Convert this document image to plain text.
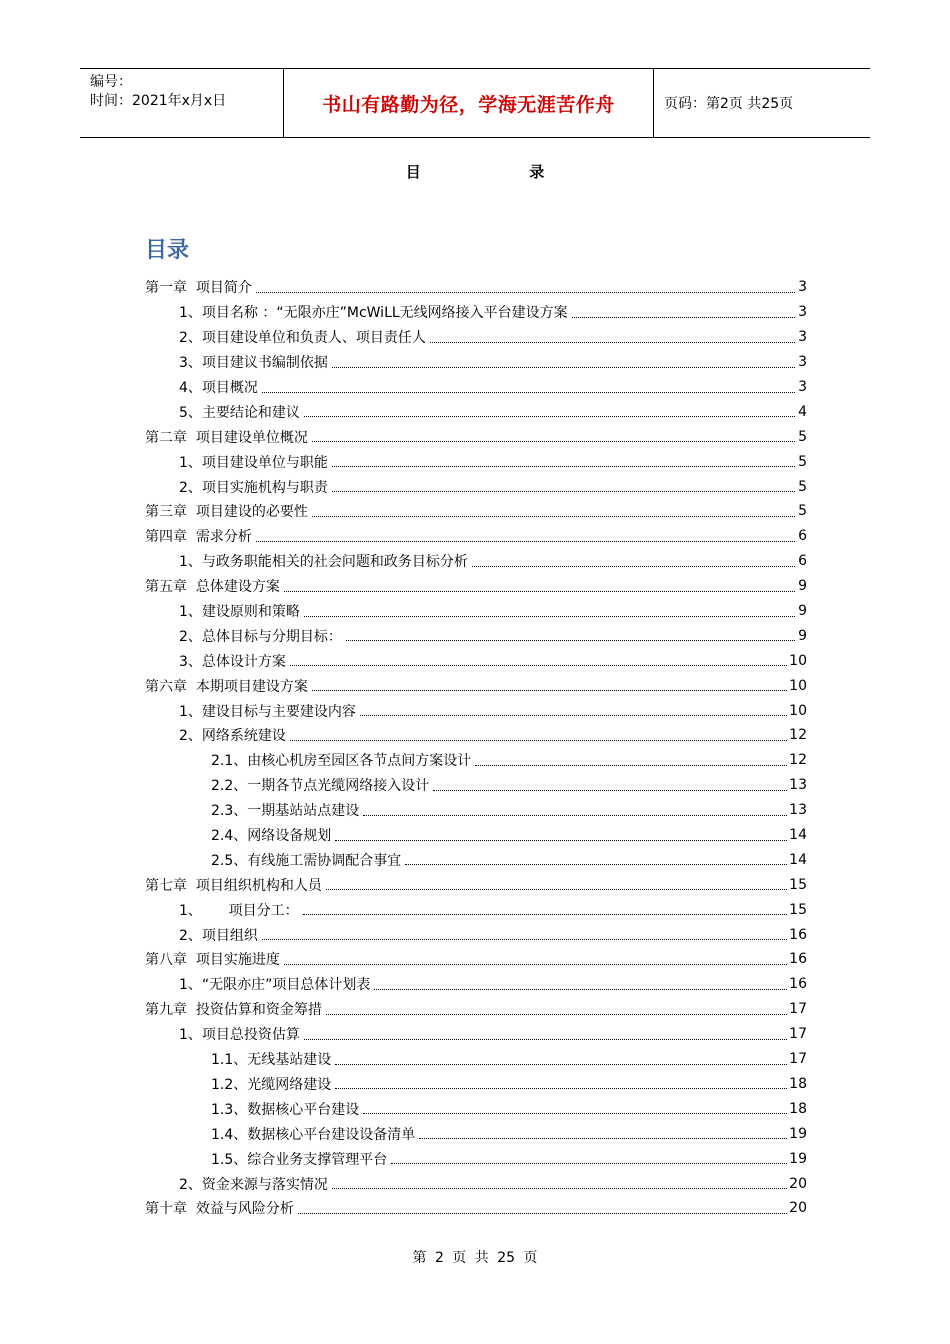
编号：
时间：2021年x月x日	书山有路勤为径，学海无涯苦作舟	页码：第2页 共25页
目	录
目录
第一章  项目简介	3
1、项目名称 ：“无限亦庄”McWiLL无线网络接入平台建设方案	3
2、项目建设单位和负责人、项目责任人	3
3、项目建议书编制依据	3
4、项目概况	3
5、主要结论和建议	4
第二章  项目建设单位概况	5
1、项目建设单位与职能	5
2、项目实施机构与职责	5
第三章  项目建设的必要性	5
第四章  需求分析	6
1、与政务职能相关的社会问题和政务目标分析	6
第五章  总体建设方案	9
1、建设原则和策略	9
2、总体目标与分期目标：	9
3、总体设计方案	10
第六章  本期项目建设方案	10
1、建设目标与主要建设内容	10
2、网络系统建设	12
2.1、由核心机房至园区各节点间方案设计	12
2.2、一期各节点光缆网络接入设计	13
2.3、一期基站站点建设	13
2.4、网络设备规划	14
2.5、有线施工需协调配合事宜	14
第七章  项目组织机构和人员	15
1、      项目分工：	15
2、项目组织	16
第八章  项目实施进度	16
1、“无限亦庄”项目总体计划表	16
第九章  投资估算和资金筹措	17
1、项目总投资估算	17
1.1、无线基站建设	17
1.2、光缆网络建设	18
1.3、数据核心平台建设	18
1.4、数据核心平台建设设备清单	19
1.5、综合业务支撑管理平台	19
2、资金来源与落实情况	20
第十章  效益与风险分析	20
第 2 页 共 25 页
